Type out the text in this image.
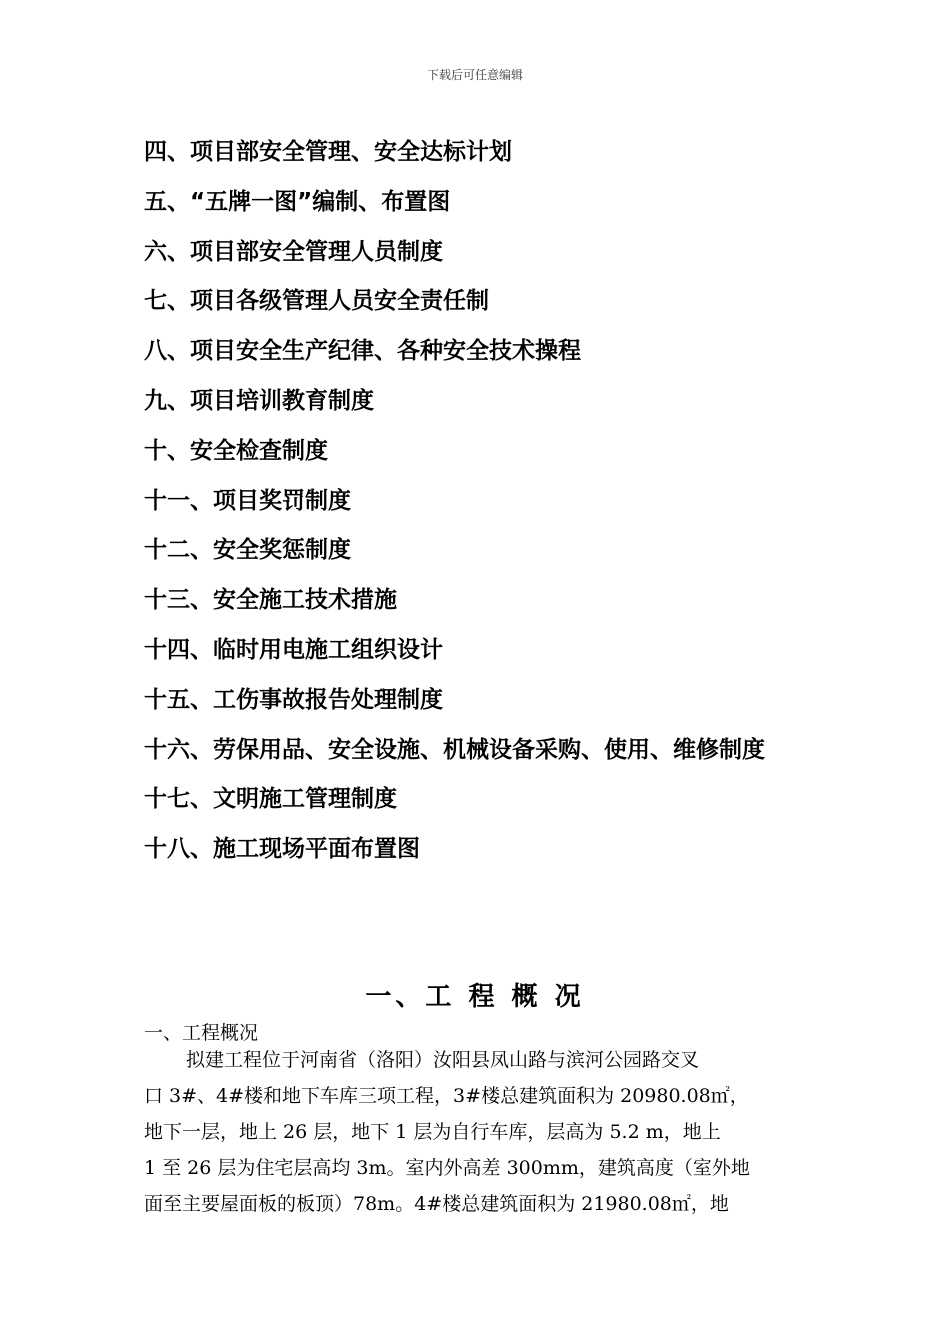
下载后可任意编辑
四、项目部安全管理、安全达标计划
五、“五牌一图”编制、布置图
六、项目部安全管理人员制度
七、项目各级管理人员安全责任制
八、项目安全生产纪律、各种安全技术操程
九、项目培训教育制度
十、安全检查制度
十一、项目奖罚制度
十二、安全奖惩制度
十三、安全施工技术措施
十四、临时用电施工组织设计
十五、工伤事故报告处理制度
十六、劳保用品、安全设施、机械设备采购、使用、维修制度
十七、文明施工管理制度
十八、施工现场平面布置图
一、工 程 概 况
一、工程概况
拟建工程位于河南省（洛阳）汝阳县凤山路与滨河公园路交叉
口 3#、4#楼和地下车库三项工程，3#楼总建筑面积为 20980.08㎡，
地下一层，地上 26 层，地下 1 层为自行车库，层高为 5.2 m，地上
1 至 26 层为住宅层高均 3m。室内外高差 300mm，建筑高度（室外地
面至主要屋面板的板顶）78m。4#楼总建筑面积为 21980.08㎡，地
